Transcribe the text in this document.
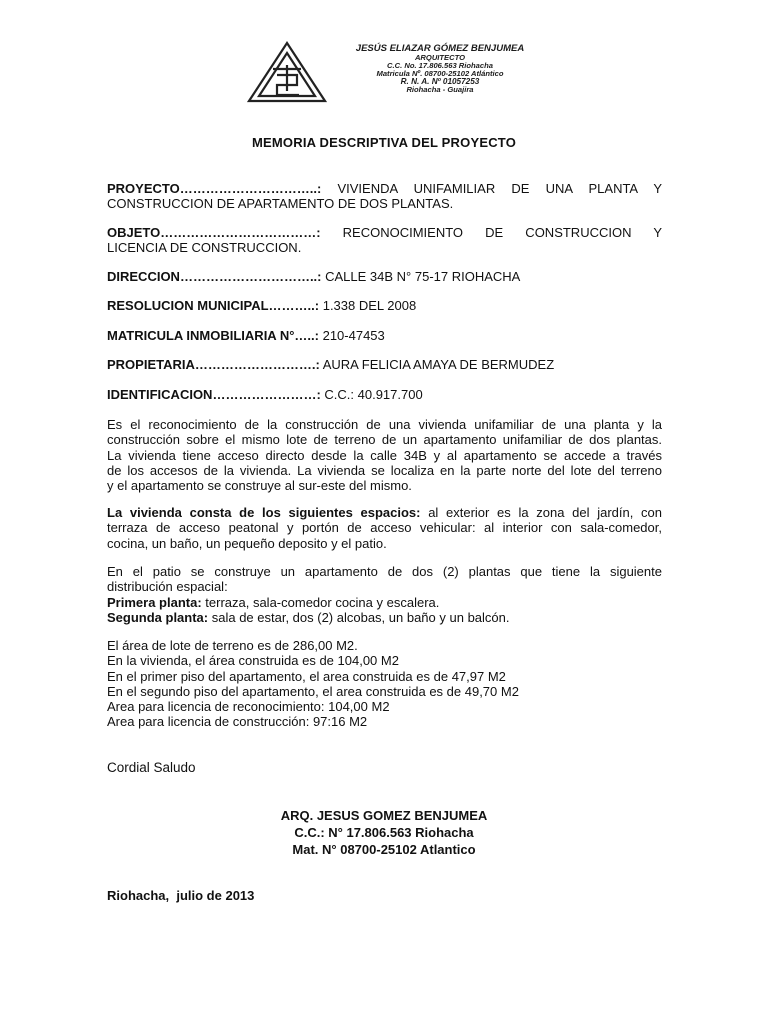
JESÚS ELIAZAR GÓMEZ BENJUMEA
ARQUITECTO
C.C. No. 17.806.563 Riohacha
Matricula Nº. 08700-25102 Atlántico
R. N. A. Nº 01057253
Riohacha - Guajira
MEMORIA DESCRIPTIVA DEL PROYECTO
PROYECTO…………………………..: VIVIENDA UNIFAMILIAR DE UNA PLANTA Y
CONSTRUCCION DE APARTAMENTO DE DOS PLANTAS.
OBJETO………………………………: RECONOCIMIENTO DE CONSTRUCCION Y
LICENCIA DE CONSTRUCCION.
DIRECCION…………………………..: CALLE 34B N° 75-17 RIOHACHA
RESOLUCION MUNICIPAL………..: 1.338 DEL 2008
MATRICULA INMOBILIARIA N°…..: 210-47453
PROPIETARIA……………………….: AURA FELICIA AMAYA DE BERMUDEZ
IDENTIFICACION……………………: C.C.: 40.917.700
Es el reconocimiento de la construcción de una vivienda unifamiliar de una planta y la
construcción sobre el mismo lote de terreno de un apartamento unifamiliar de dos plantas.
La vivienda tiene acceso directo desde la calle 34B y al apartamento se accede a través
de los accesos de la vivienda. La vivienda se localiza en la parte norte del lote del terreno
y el apartamento se construye al sur-este del mismo.
La vivienda consta de los siguientes espacios: al exterior es la zona del jardín, con
terraza de acceso peatonal y portón de acceso vehicular: al interior con sala-comedor,
cocina, un baño, un pequeño deposito y el patio.
En el patio se construye un apartamento de dos (2) plantas que tiene la siguiente
distribución espacial:
Primera planta: terraza, sala-comedor cocina y escalera.
Segunda planta: sala de estar, dos (2) alcobas, un baño y un balcón.
El área de lote de terreno es de 286,00 M2.
En la vivienda, el área construida es de 104,00 M2
En el primer piso del apartamento, el area construida es de 47,97 M2
En el segundo piso del apartamento, el area construida es de 49,70 M2
Area para licencia de reconocimiento: 104,00 M2
Area para licencia de construcción: 97:16 M2
Cordial Saludo
ARQ. JESUS GOMEZ BENJUMEA
C.C.: N° 17.806.563 Riohacha
Mat. N° 08700-25102 Atlantico
Riohacha,  julio de 2013
